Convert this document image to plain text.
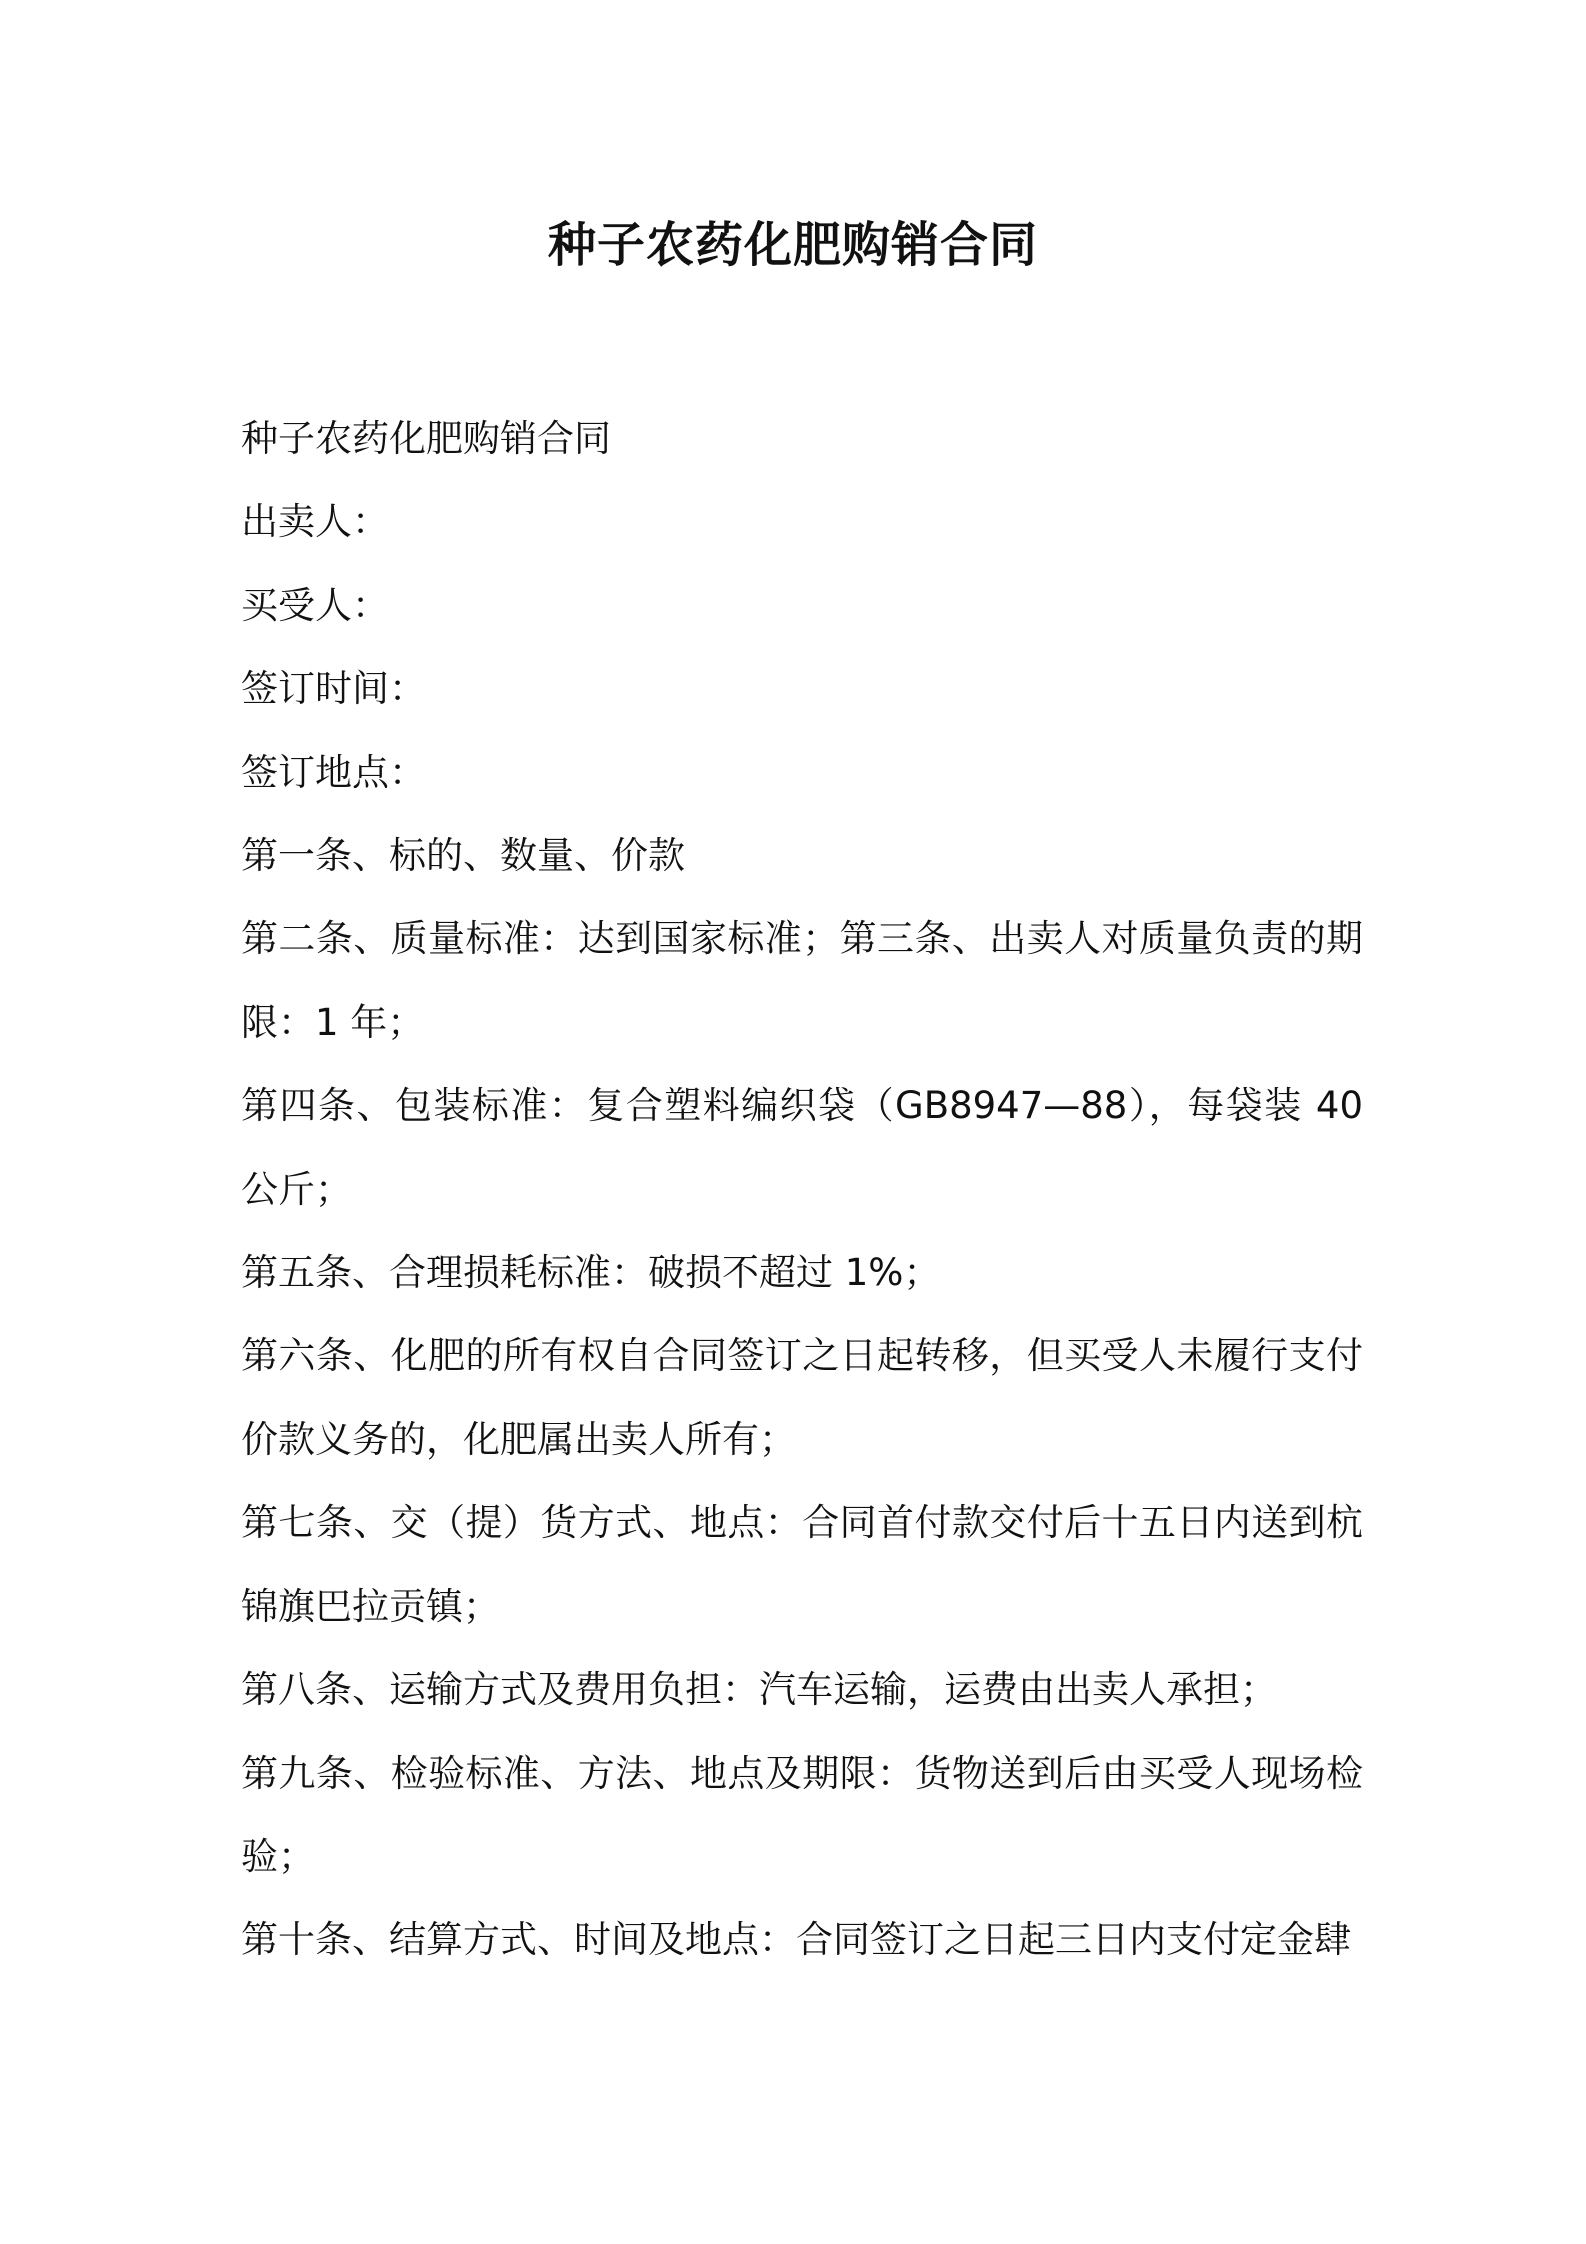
种子农药化肥购销合同

种子农药化肥购销合同

出卖人：

买受人：

签订时间：

签订地点：

第一条、标的、数量、价款

第二条、质量标准：达到国家标准；第三条、出卖人对质量负责的期限：1 年；

第四条、包装标准：复合塑料编织袋（GB8947—88），每袋装 40 公斤；

第五条、合理损耗标准：破损不超过 1%；

第六条、化肥的所有权自合同签订之日起转移，但买受人未履行支付价款义务的，化肥属出卖人所有；

第七条、交（提）货方式、地点：合同首付款交付后十五日内送到杭锦旗巴拉贡镇；

第八条、运输方式及费用负担：汽车运输，运费由出卖人承担；

第九条、检验标准、方法、地点及期限：货物送到后由买受人现场检验；

第十条、结算方式、时间及地点：合同签订之日起三日内支付定金肆
